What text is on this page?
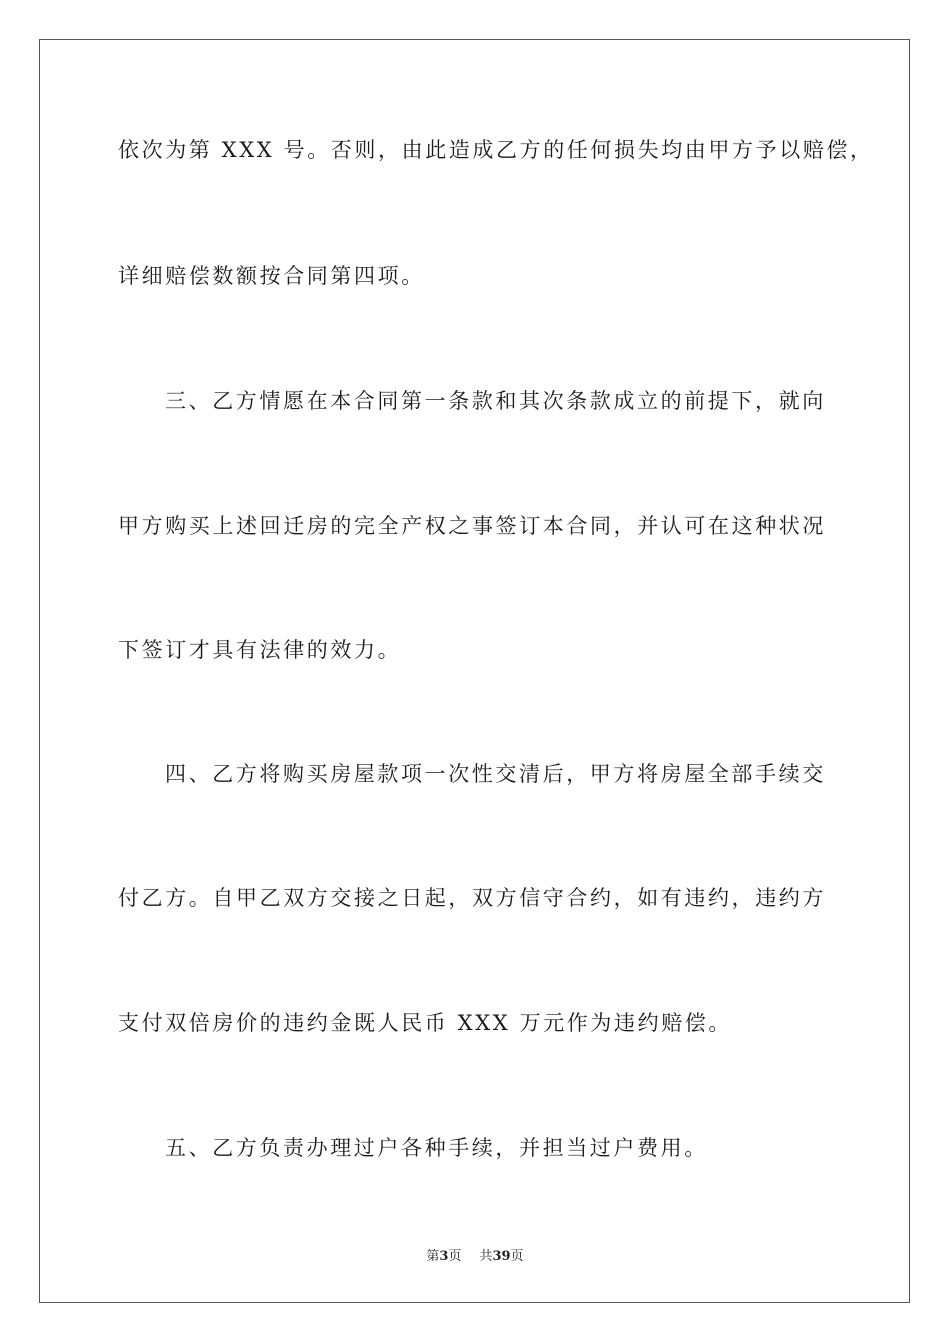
依次为第 XXX 号。否则，由此造成乙方的任何损失均由甲方予以赔偿，
详细赔偿数额按合同第四项。
三、乙方情愿在本合同第一条款和其次条款成立的前提下，就向
甲方购买上述回迁房的完全产权之事签订本合同，并认可在这种状况
下签订才具有法律的效力。
四、乙方将购买房屋款项一次性交清后，甲方将房屋全部手续交
付乙方。自甲乙双方交接之日起，双方信守合约，如有违约，违约方
支付双倍房价的违约金既人民币 XXX 万元作为违约赔偿。
五、乙方负责办理过户各种手续，并担当过户费用。
第3页 共39页
